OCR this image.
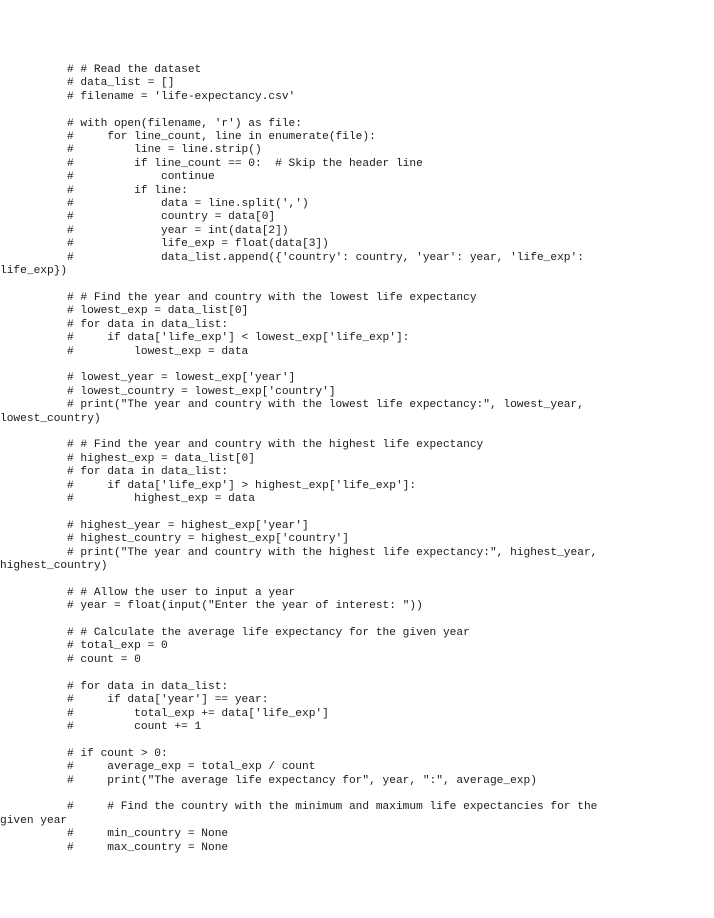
# # Read the dataset
# data_list = []
# filename = 'life-expectancy.csv'
# with open(filename, 'r') as file:
#     for line_count, line in enumerate(file):
#         line = line.strip()
#         if line_count == 0:  # Skip the header line
#             continue
#         if line:
#             data = line.split(',')
#             country = data[0]
#             year = int(data[2])
#             life_exp = float(data[3])
#             data_list.append({'country': country, 'year': year, 'life_exp':
life_exp})
# # Find the year and country with the lowest life expectancy
# lowest_exp = data_list[0]
# for data in data_list:
#     if data['life_exp'] < lowest_exp['life_exp']:
#         lowest_exp = data
# lowest_year = lowest_exp['year']
# lowest_country = lowest_exp['country']
# print("The year and country with the lowest life expectancy:", lowest_year,
lowest_country)
# # Find the year and country with the highest life expectancy
# highest_exp = data_list[0]
# for data in data_list:
#     if data['life_exp'] > highest_exp['life_exp']:
#         highest_exp = data
# highest_year = highest_exp['year']
# highest_country = highest_exp['country']
# print("The year and country with the highest life expectancy:", highest_year,
highest_country)
# # Allow the user to input a year
# year = float(input("Enter the year of interest: "))
# # Calculate the average life expectancy for the given year
# total_exp = 0
# count = 0
# for data in data_list:
#     if data['year'] == year:
#         total_exp += data['life_exp']
#         count += 1
# if count > 0:
#     average_exp = total_exp / count
#     print("The average life expectancy for", year, ":", average_exp)
#     # Find the country with the minimum and maximum life expectancies for the
given year
#     min_country = None
#     max_country = None
